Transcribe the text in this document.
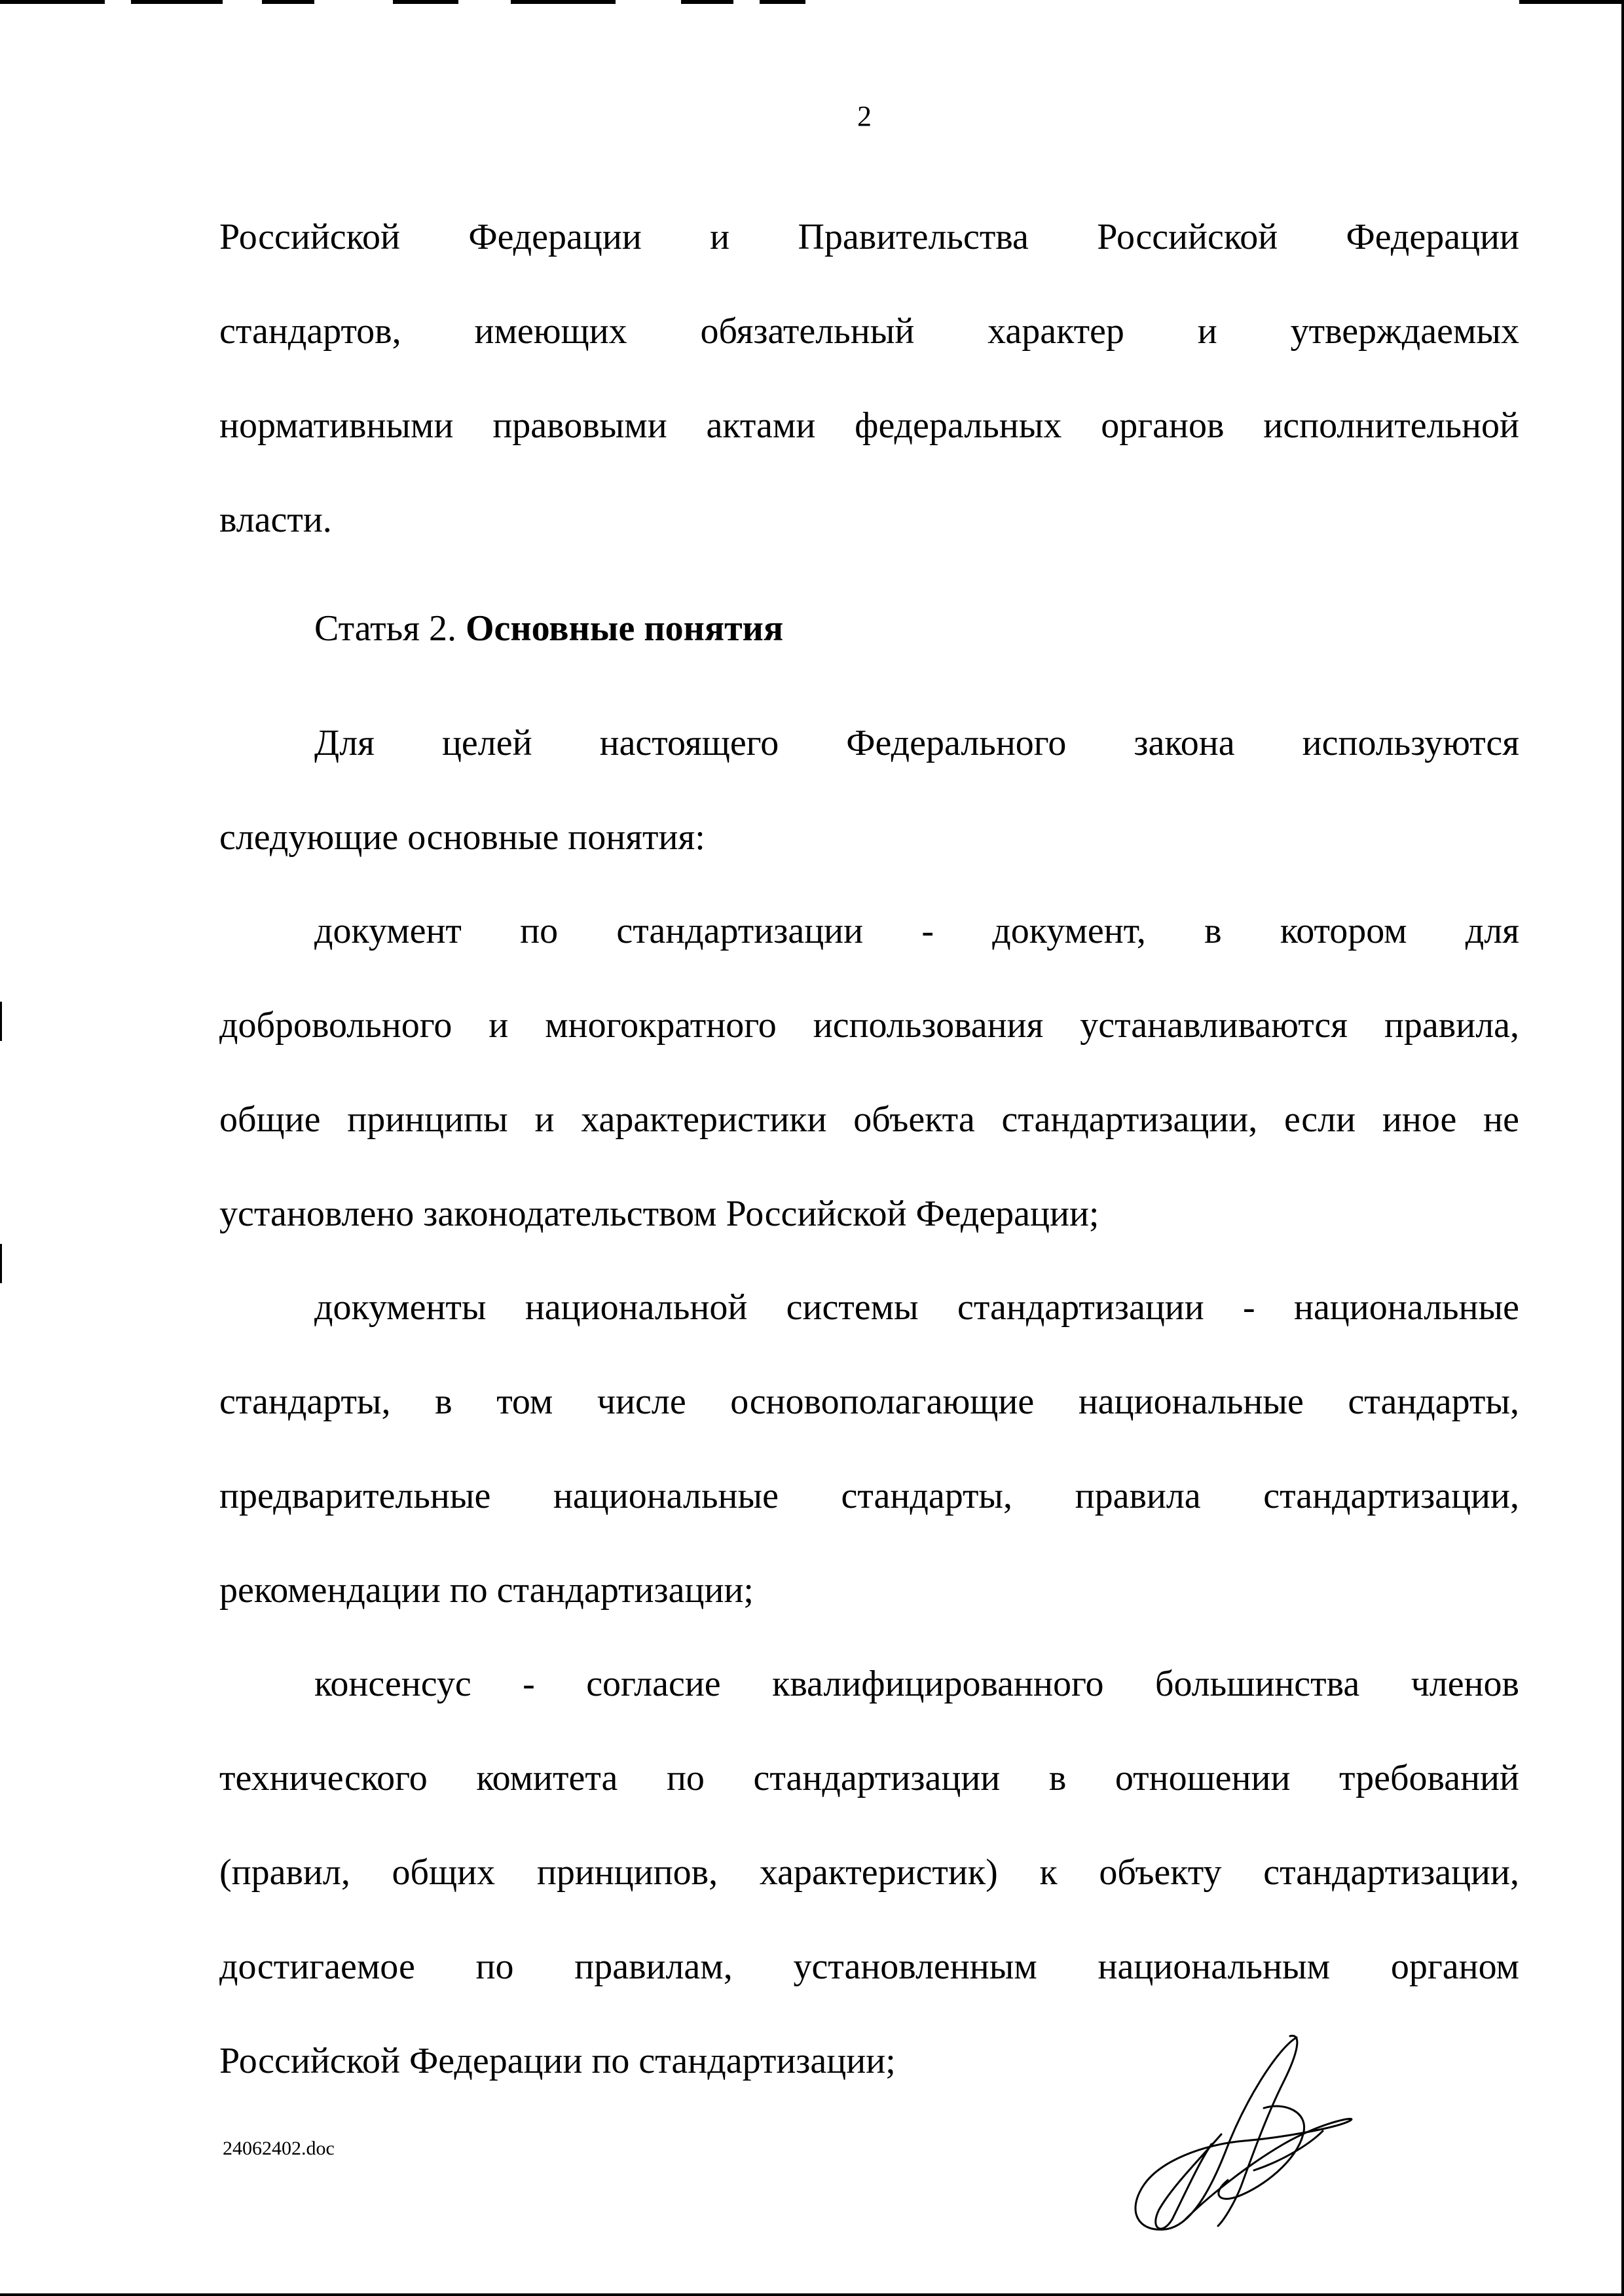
2
Российской Федерации и Правительства Российской Федерации
стандартов, имеющих обязательный характер и утверждаемых
нормативными правовыми актами федеральных органов исполнительной
власти.
Статья 2. Основные понятия
Для целей настоящего Федерального закона используются
следующие основные понятия:
документ по стандартизации - документ, в котором для
добровольного и многократного использования устанавливаются правила,
общие принципы и характеристики объекта стандартизации, если иное не
установлено законодательством Российской Федерации;
документы национальной системы стандартизации - национальные
стандарты, в том числе основополагающие национальные стандарты,
предварительные национальные стандарты, правила стандартизации,
рекомендации по стандартизации;
консенсус - согласие квалифицированного большинства членов
технического комитета по стандартизации в отношении требований
(правил, общих принципов, характеристик) к объекту стандартизации,
достигаемое по правилам, установленным национальным органом
Российской Федерации по стандартизации;
24062402.doc
